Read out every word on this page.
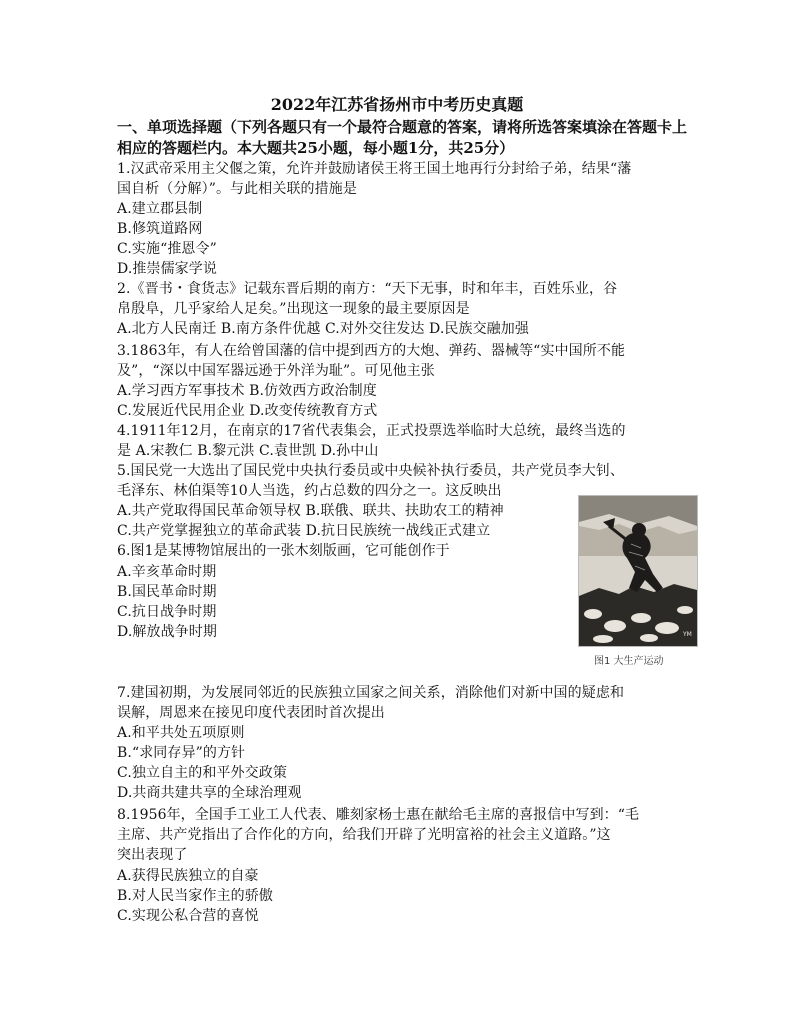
2022年江苏省扬州市中考历史真题
一、单项选择题（下列各题只有一个最符合题意的答案，请将所选答案填涂在答题卡上相应的答题栏内。本大题共25小题，每小题1分，共25分）
1.汉武帝采用主父偃之策，允许并鼓励诸侯王将王国土地再行分封给子弟，结果“藩
国自析（分解）”。与此相关联的措施是
A.建立郡县制
B.修筑道路网
C.实施“推恩令”
D.推崇儒家学说
2.《晋书・食货志》记载东晋后期的南方：“天下无事，时和年丰，百姓乐业，谷
帛殷阜，几乎家给人足矣。”出现这一现象的最主要原因是
A.北方人民南迁 B.南方条件优越 C.对外交往发达 D.民族交融加强
3.1863年，有人在给曾国藩的信中提到西方的大炮、弹药、器械等“实中国所不能
及”，“深以中国军器远逊于外洋为耻”。可见他主张
A.学习西方军事技术 B.仿效西方政治制度
C.发展近代民用企业 D.改变传统教育方式
4.1911年12月，在南京的17省代表集会，正式投票选举临时大总统，最终当选的
是 A.宋教仁 B.黎元洪 C.袁世凯 D.孙中山
5.国民党一大选出了国民党中央执行委员或中央候补执行委员，共产党员李大钊、
毛泽东、林伯渠等10人当选，约占总数的四分之一。这反映出
A.共产党取得国民革命领导权 B.联俄、联共、扶助农工的精神
C.共产党掌握独立的革命武装 D.抗日民族统一战线正式建立
6.图1是某博物馆展出的一张木刻版画，它可能创作于
A.辛亥革命时期
B.国民革命时期
C.抗日战争时期
D.解放战争时期	YM
图1 大生产运动
7.建国初期，为发展同邻近的民族独立国家之间关系，消除他们对新中国的疑虑和
误解，周恩来在接见印度代表团时首次提出
A.和平共处五项原则
B.“求同存异”的方针
C.独立自主的和平外交政策
D.共商共建共享的全球治理观
8.1956年，全国手工业工人代表、雕刻家杨士惠在献给毛主席的喜报信中写到：“毛
主席、共产党指出了合作化的方向，给我们开辟了光明富裕的社会主义道路。”这
突出表现了
A.获得民族独立的自豪
B.对人民当家作主的骄傲
C.实现公私合营的喜悦
